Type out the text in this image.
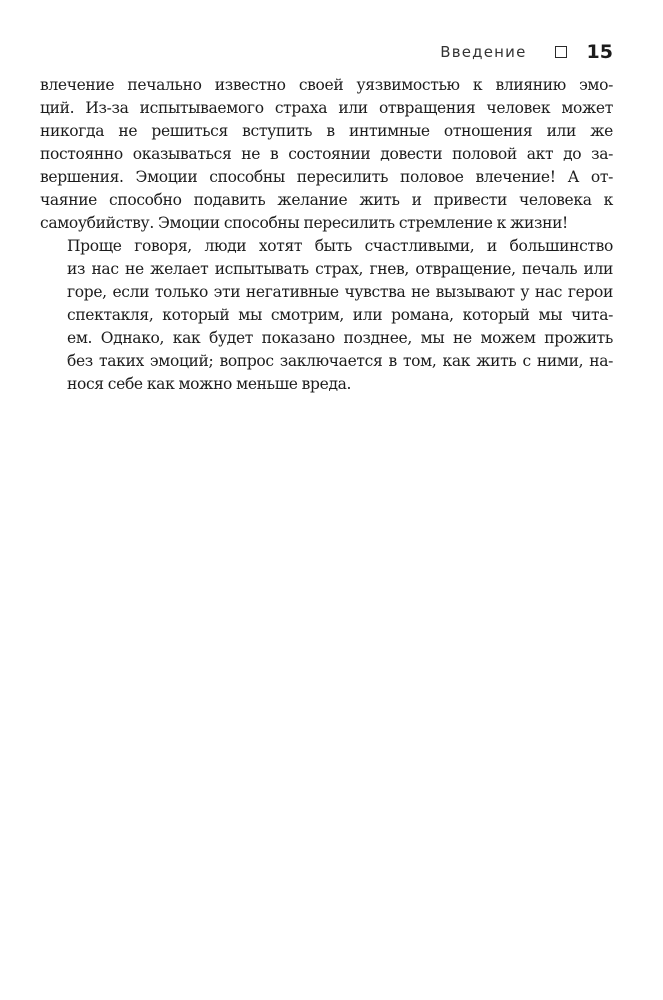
Введение	15

влечение печально известно своей уязвимостью к влиянию эмо-
ций. Из-за испытываемого страха или отвращения человек может
никогда не решиться вступить в интимные отношения или же
постоянно оказываться не в состоянии довести половой акт до за-
вершения. Эмоции способны пересилить половое влечение! А от-
чаяние способно подавить желание жить и привести человека к
самоубийству. Эмоции способны пересилить стремление к жизни!

Проще говоря, люди хотят быть счастливыми, и большинство
из нас не желает испытывать страх, гнев, отвращение, печаль или
горе, если только эти негативные чувства не вызывают у нас герои
спектакля, который мы смотрим, или романа, который мы чита-
ем. Однако, как будет показано позднее, мы не можем прожить
без таких эмоций; вопрос заключается в том, как жить с ними, на-
нося себе как можно меньше вреда.
